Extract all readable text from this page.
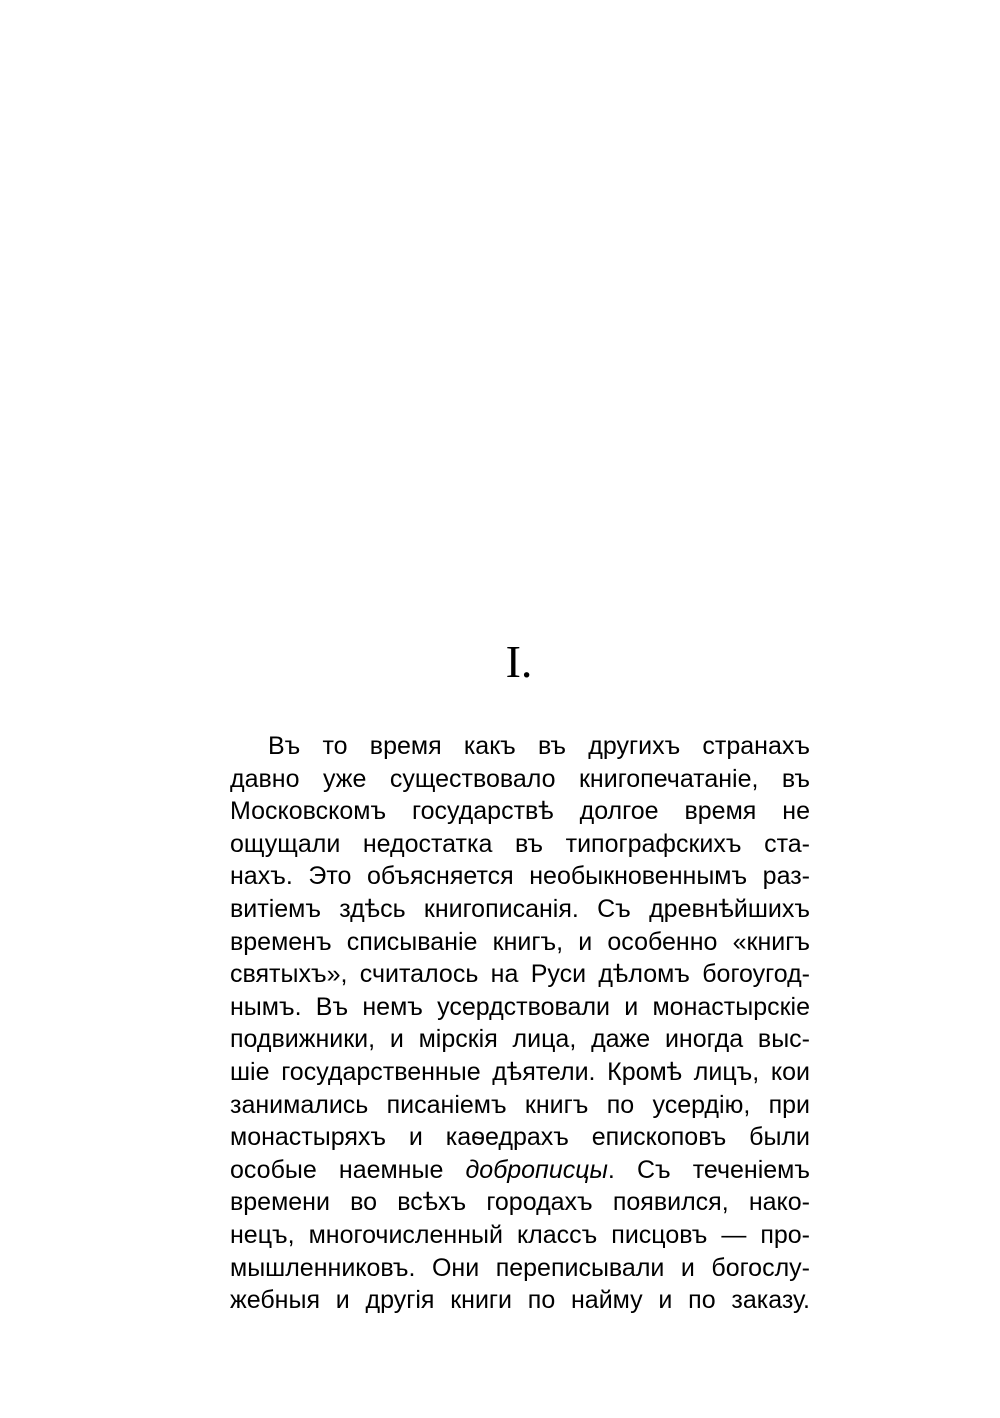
I.
Въ то время какъ въ другихъ странахъ
давно уже существовало книгопечатаніе, въ
Московскомъ государствѣ долгое время не
ощущали недостатка въ типографскихъ ста-
нахъ. Это объясняется необыкновеннымъ раз-
витіемъ здѣсь книгописанія. Съ древнѣйшихъ
временъ списываніе книгъ, и особенно «книгъ
святыхъ», считалось на Руси дѣломъ богоугод-
нымъ. Въ немъ усердствовали и монастырскіе
подвижники, и мірскія лица, даже иногда выс-
шіе государственные дѣятели. Кромѣ лицъ, кои
занимались писаніемъ книгъ по усердію, при
монастыряхъ и каѳедрахъ епископовъ были
особые наемные доброписцы. Съ теченіемъ
времени во всѣхъ городахъ появился, нако-
нецъ, многочисленный классъ писцовъ — про-
мышленниковъ. Они переписывали и богослу-
жебныя и другія книги по найму и по заказу.
